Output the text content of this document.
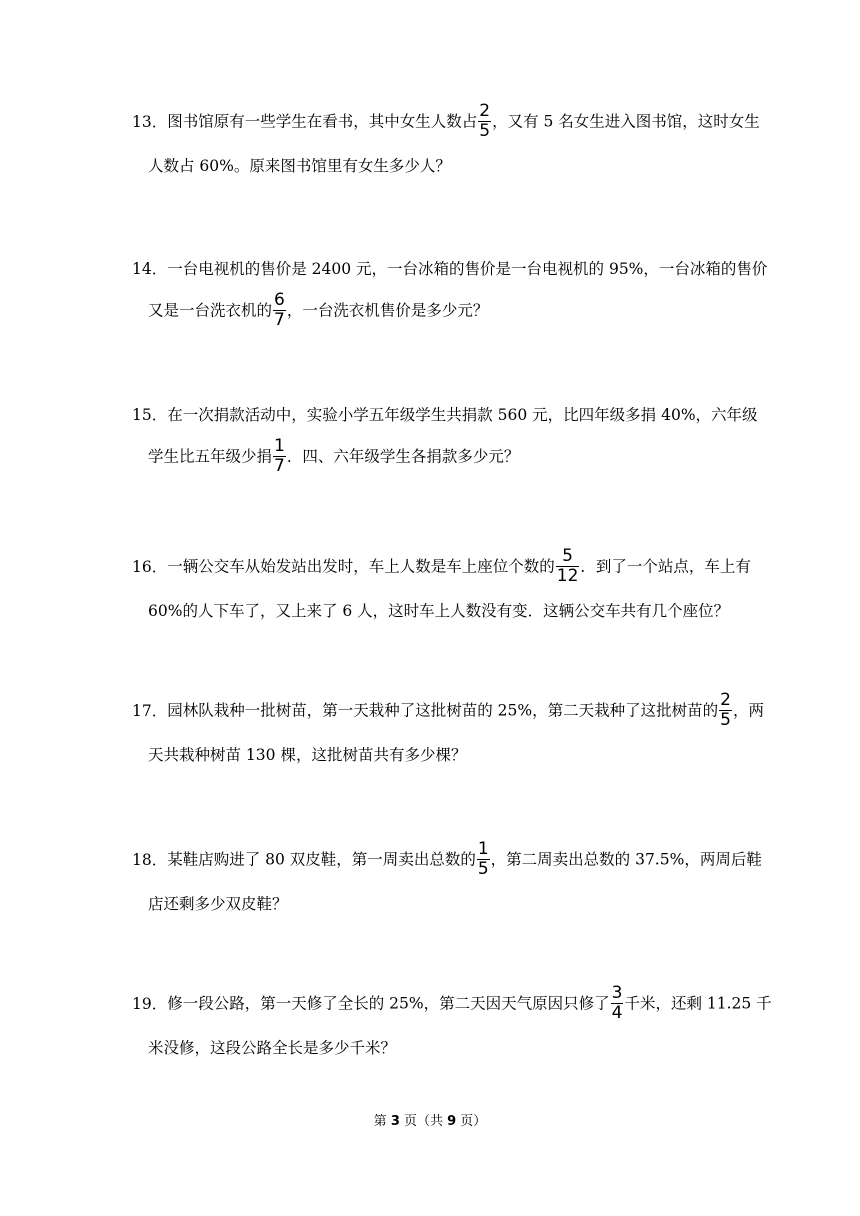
13．图书馆原有一些学生在看书，其中女生人数占 $\frac{2}{5}$ ，又有 5 名女生进入图书馆，这时女生
人数占 60%。原来图书馆里有女生多少人？
14．一台电视机的售价是 2400 元，一台冰箱的售价是一台电视机的 95%，一台冰箱的售价
又是一台洗衣机的 $\frac{6}{7}$ ，一台洗衣机售价是多少元？
15．在一次捐款活动中，实验小学五年级学生共捐款 560 元，比四年级多捐 40%，六年级
学生比五年级少捐 $\frac{1}{7}$ ．四、六年级学生各捐款多少元？
16．一辆公交车从始发站出发时，车上人数是车上座位个数的 $\frac{5}{12}$ ．到了一个站点，车上有
60%的人下车了，又上来了 6 人，这时车上人数没有变．这辆公交车共有几个座位？
17．园林队栽种一批树苗，第一天栽种了这批树苗的 25%，第二天栽种了这批树苗的 $\frac{2}{5}$ ，两
天共栽种树苗 130 棵，这批树苗共有多少棵？
18．某鞋店购进了 80 双皮鞋，第一周卖出总数的 $\frac{1}{5}$ ，第二周卖出总数的 37.5%，两周后鞋
店还剩多少双皮鞋？
19．修一段公路，第一天修了全长的 25%，第二天因天气原因只修了 $\frac{3}{4}$ 千米，还剩 11.25 千
米没修，这段公路全长是多少千米？
第 3 页（共 9 页）
